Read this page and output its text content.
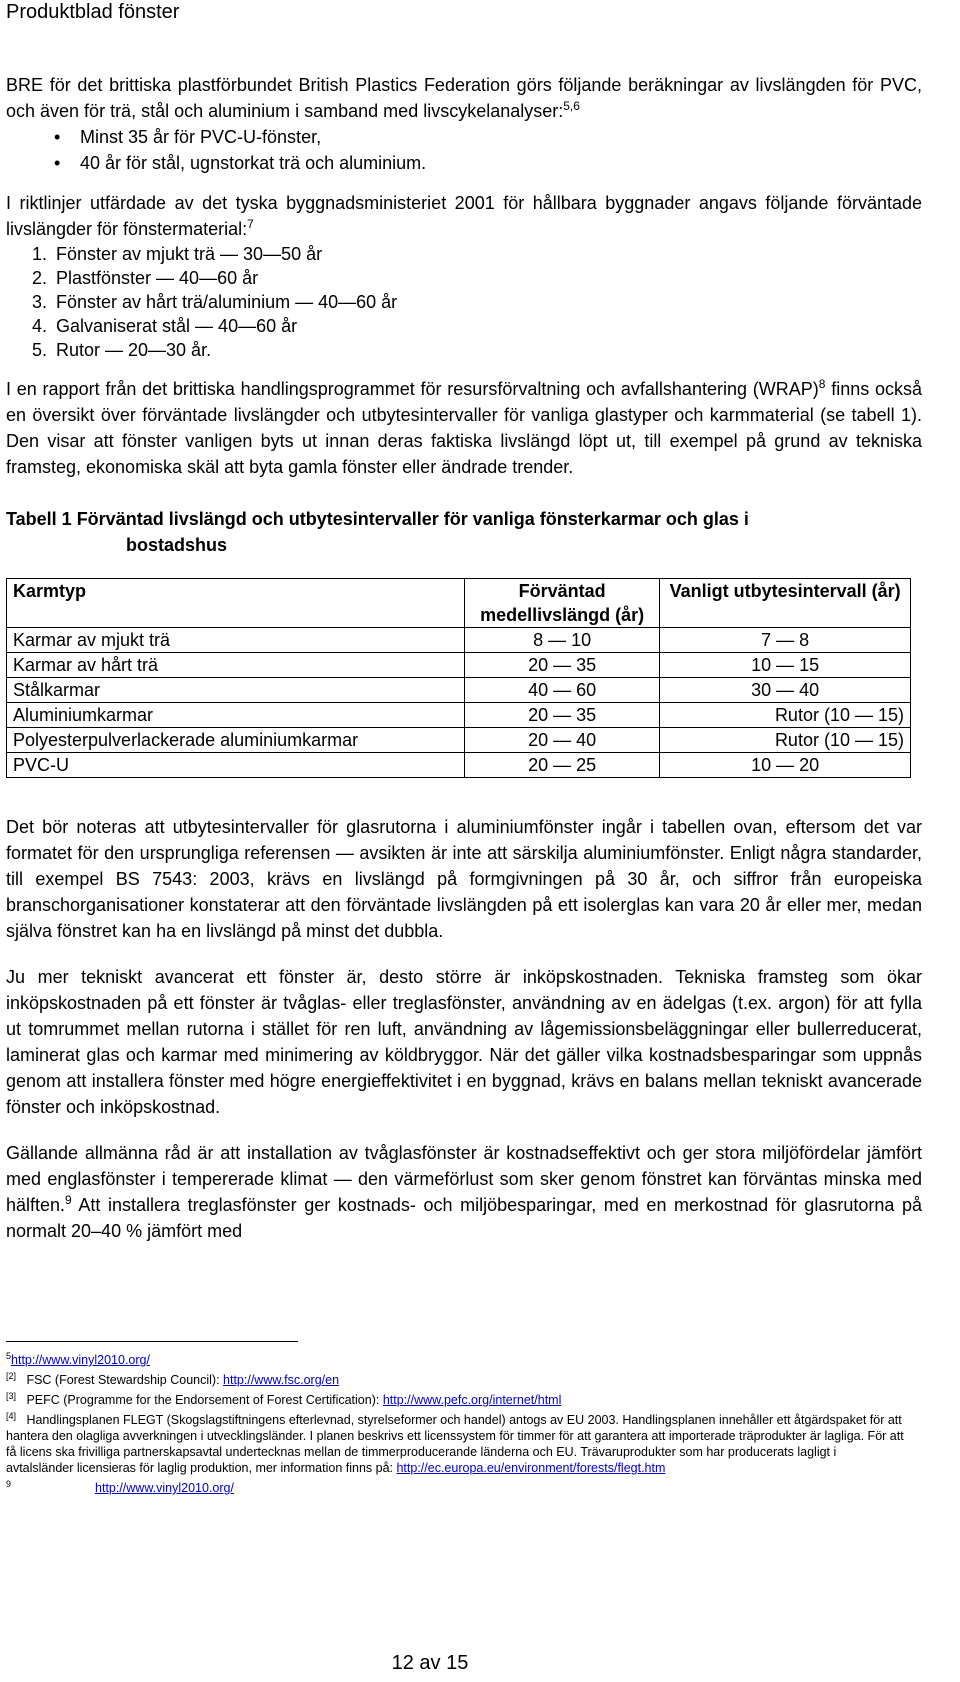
Produktblad fönster

BRE för det brittiska plastförbundet British Plastics Federation görs följande beräkningar av livslängden för PVC, och även för trä, stål och aluminium i samband med livscykelanalyser:$^{5,6}$

• Minst 35 år för PVC-U-fönster,
• 40 år för stål, ugnstorkat trä och aluminium.

I riktlinjer utfärdade av det tyska byggnadsministeriet 2001 för hållbara byggnader angavs följande förväntade livslängder för fönstermaterial:$^7$

1. Fönster av mjukt trä — 30—50 år
2. Plastfönster — 40—60 år
3. Fönster av hårt trä/aluminium — 40—60 år
4. Galvaniserat stål — 40—60 år
5. Rutor — 20—30 år.

I en rapport från det brittiska handlingsprogrammet för resursförvaltning och avfallshantering (WRAP)$^8$ finns också en översikt över förväntade livslängder och utbytesintervaller för vanliga glastyper och karmmaterial (se tabell 1). Den visar att fönster vanligen byts ut innan deras faktiska livslängd löpt ut, till exempel på grund av tekniska framsteg, ekonomiska skäl att byta gamla fönster eller ändrade trender.

Tabell 1 Förväntad livslängd och utbytesintervaller för vanliga fönsterkarmar och glas i
bostadshus
Karmtyp	Förväntad medellivslängd (år)	Vanligt utbytesintervall (år)
Karmar av mjukt trä	8 — 10	7 — 8
Karmar av hårt trä	20 — 35	10 — 15
Stålkarmar	40 — 60	30 — 40
Aluminiumkarmar	20 — 35	Rutor (10 — 15)
Polyesterpulverlackerade aluminiumkarmar	20 — 40	Rutor (10 — 15)
PVC-U	20 — 25	10 — 20

Det bör noteras att utbytesintervaller för glasrutorna i aluminiumfönster ingår i tabellen ovan, eftersom det var formatet för den ursprungliga referensen — avsikten är inte att särskilja aluminiumfönster. Enligt några standarder, till exempel BS 7543: 2003, krävs en livslängd på formgivningen på 30 år, och siffror från europeiska branschorganisationer konstaterar att den förväntade livslängden på ett isolerglas kan vara 20 år eller mer, medan själva fönstret kan ha en livslängd på minst det dubbla.

Ju mer tekniskt avancerat ett fönster är, desto större är inköpskostnaden. Tekniska framsteg som ökar inköpskostnaden på ett fönster är tvåglas- eller treglasfönster, användning av en ädelgas (t.ex. argon) för att fylla ut tomrummet mellan rutorna i stället för ren luft, användning av lågemissionsbeläggningar eller bullerreducerat, laminerat glas och karmar med minimering av köldbryggor. När det gäller vilka kostnadsbesparingar som uppnås genom att installera fönster med högre energieffektivitet i en byggnad, krävs en balans mellan tekniskt avancerade fönster och inköpskostnad.

Gällande allmänna råd är att installation av tvåglasfönster är kostnadseffektivt och ger stora miljöfördelar jämfört med englasfönster i tempererade klimat — den värmeförlust som sker genom fönstret kan förväntas minska med hälften.$^9$ Att installera treglasfönster ger kostnads- och miljöbesparingar, med en merkostnad för glasrutorna på normalt 20–40 % jämfört med

$^5$http://www.vinyl2010.org/

[2] FSC (Forest Stewardship Council): http://www.fsc.org/en

[3] PEFC (Programme for the Endorsement of Forest Certification): http://www.pefc.org/internet/html

[4] Handlingsplanen FLEGT (Skogslagstiftningens efterlevnad, styrelseformer och handel) antogs av EU 2003. Handlingsplanen innehåller ett åtgärdspaket för att hantera den olagliga avverkningen i utvecklingsländer. I planen beskrivs ett licenssystem för timmer för att garantera att importerade träprodukter är lagliga. För att få licens ska frivilliga partnerskapsavtal undertecknas mellan de timmerproducerande länderna och EU. Trävaruprodukter som har producerats lagligt i avtalsländer licensieras för laglig produktion, mer information finns på: http://ec.europa.eu/environment/forests/flegt.htm

$^9$	http://www.vinyl2010.org/

12 av 15
